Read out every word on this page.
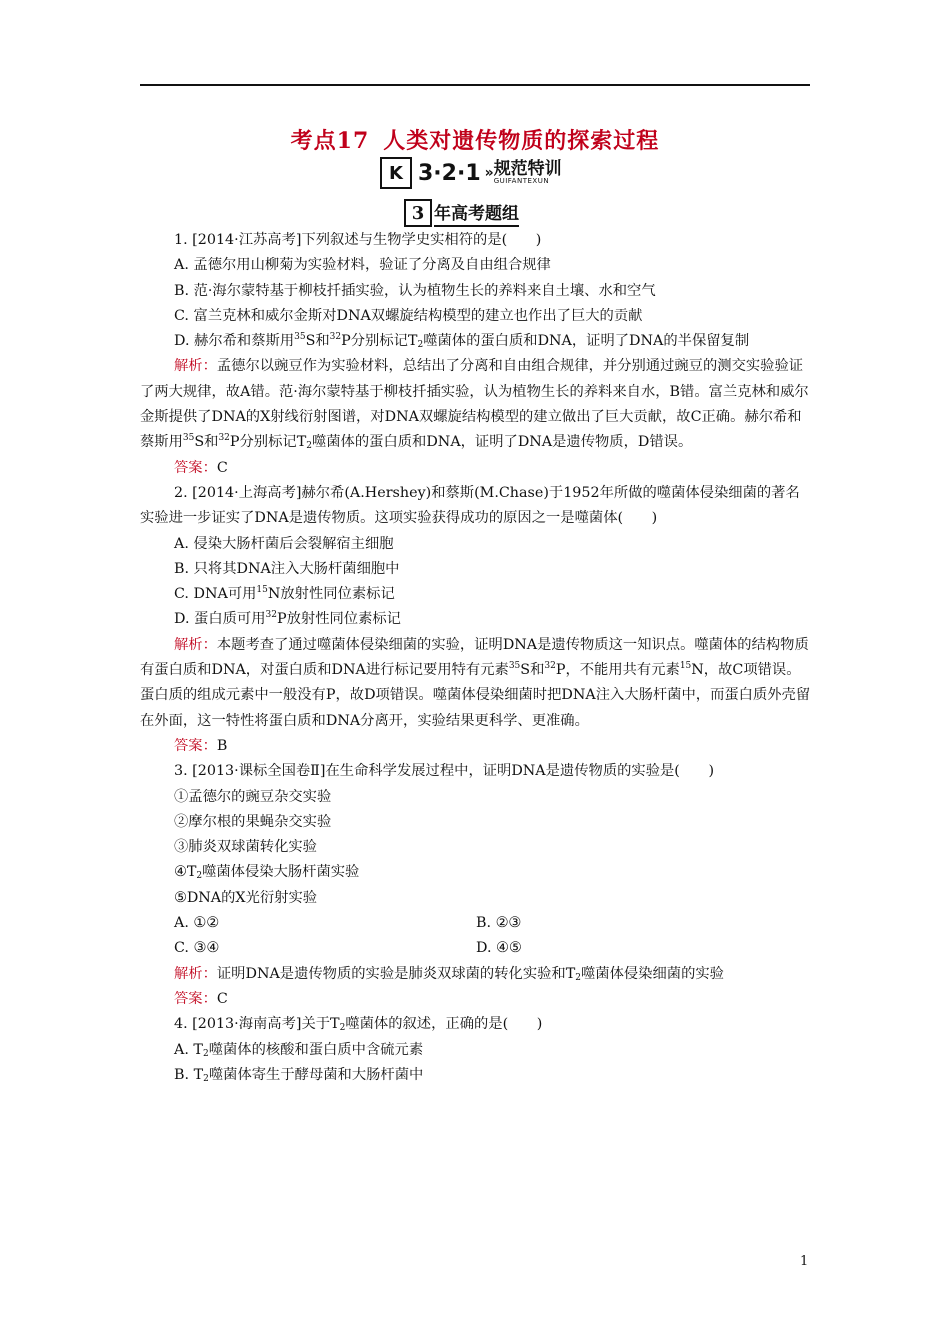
考点17 人类对遗传物质的探索过程
K 3·2·1 » 规范特训
GUIFANTEXUN
3 年高考题组

1. [2014·江苏高考]下列叙述与生物学史实相符的是(　　)

A. 孟德尔用山柳菊为实验材料，验证了分离及自由组合规律

B. 范·海尔蒙特基于柳枝扦插实验，认为植物生长的养料来自土壤、水和空气

C. 富兰克林和威尔金斯对DNA双螺旋结构模型的建立也作出了巨大的贡献

D. 赫尔希和蔡斯用$^{35}$S和$^{32}$P分别标记$T_2$噬菌体的蛋白质和DNA，证明了DNA的半保留复制

解析：孟德尔以豌豆作为实验材料，总结出了分离和自由组合规律，并分别通过豌豆的测交实验验证了两大规律，故A错。范·海尔蒙特基于柳枝扦插实验，认为植物生长的养料来自水，B错。富兰克林和威尔金斯提供了DNA的X射线衍射图谱，对DNA双螺旋结构模型的建立做出了巨大贡献，故C正确。赫尔希和蔡斯用$^{35}$S和$^{32}$P分别标记$T_2$噬菌体的蛋白质和DNA，证明了DNA是遗传物质，D错误。

答案：C

2. [2014·上海高考]赫尔希(A.Hershey)和蔡斯(M.Chase)于1952年所做的噬菌体侵染细菌的著名实验进一步证实了DNA是遗传物质。这项实验获得成功的原因之一是噬菌体(　　)

A. 侵染大肠杆菌后会裂解宿主细胞

B. 只将其DNA注入大肠杆菌细胞中

C. DNA可用$^{15}$N放射性同位素标记

D. 蛋白质可用$^{32}$P放射性同位素标记

解析：本题考查了通过噬菌体侵染细菌的实验，证明DNA是遗传物质这一知识点。噬菌体的结构物质有蛋白质和DNA，对蛋白质和DNA进行标记要用特有元素$^{35}$S和$^{32}$P，不能用共有元素$^{15}$N，故C项错误。蛋白质的组成元素中一般没有P，故D项错误。噬菌体侵染细菌时把DNA注入大肠杆菌中，而蛋白质外壳留在外面，这一特性将蛋白质和DNA分离开，实验结果更科学、更准确。

答案：B

3. [2013·课标全国卷Ⅱ]在生命科学发展过程中，证明DNA是遗传物质的实验是(　　)

①孟德尔的豌豆杂交实验

②摩尔根的果蝇杂交实验

③肺炎双球菌转化实验

$④T_2$噬菌体侵染大肠杆菌实验

⑤DNA的X光衍射实验

A. ①②	B. ②③
C. ③④	D. ④⑤

解析：证明DNA是遗传物质的实验是肺炎双球菌的转化实验和$T_2$噬菌体侵染细菌的实验

答案：C

4. [2013·海南高考]关于$T_2$噬菌体的叙述，正确的是(　　)

A. $T_2$噬菌体的核酸和蛋白质中含硫元素

B. $T_2$噬菌体寄生于酵母菌和大肠杆菌中

1
